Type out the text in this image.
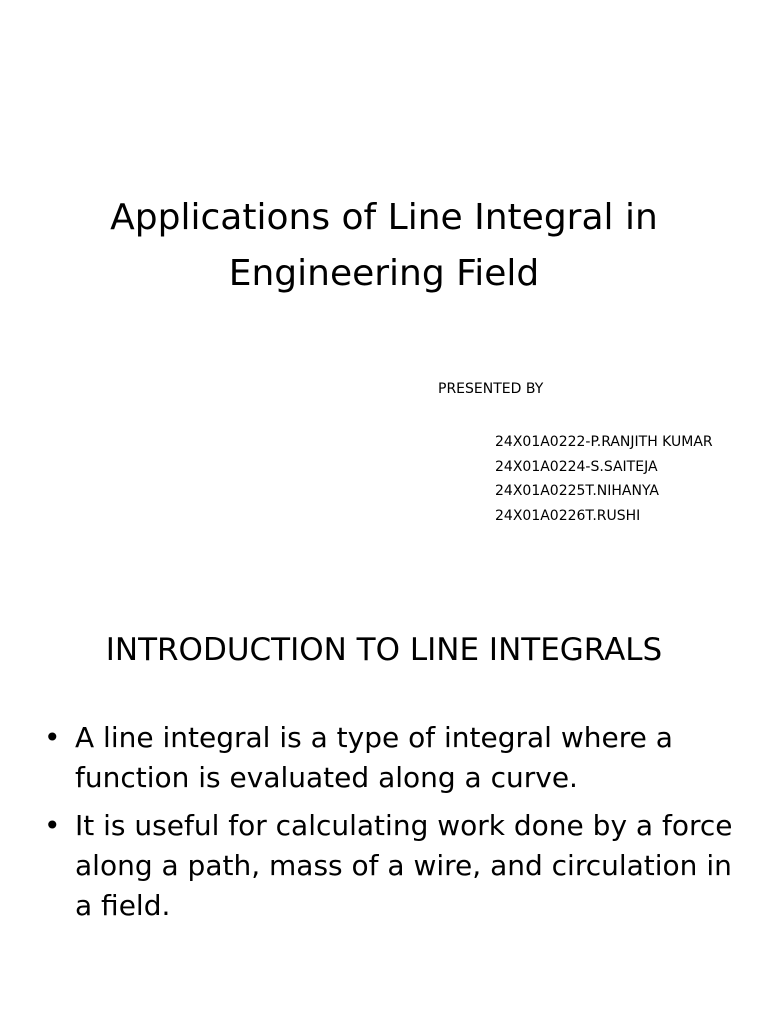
Applications of Line Integral in
Engineering Field

PRESENTED BY

24X01A0222-P.RANJITH KUMAR
24X01A0224-S.SAITEJA
24X01A0225T.NIHANYA
24X01A0226T.RUSHI
INTRODUCTION TO LINE INTEGRALS
• A line integral is a type of integral where a function is evaluated along a curve.
• It is useful for calculating work done by a force along a path, mass of a wire, and circulation in a field.
